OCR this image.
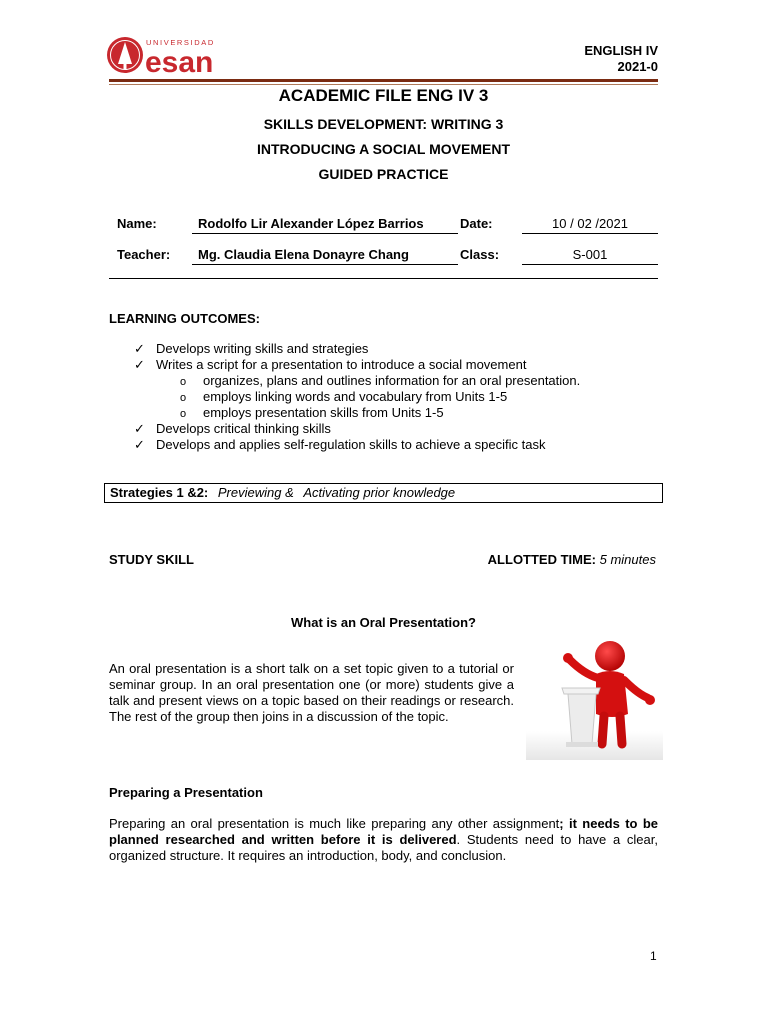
UNIVERSIDAD
esan	ENGLISH IV
2021-0
ACADEMIC FILE ENG IV 3
SKILLS DEVELOPMENT: WRITING 3
INTRODUCING A SOCIAL MOVEMENT
GUIDED PRACTICE
Name:	Rodolfo Lir Alexander López Barrios	Date:	10 / 02 /2021
Teacher:	Mg. Claudia Elena Donayre Chang	Class:	S-001
LEARNING OUTCOMES:
✓ Develops writing skills and strategies
✓ Writes a script for a presentation to introduce a social movement
o organizes, plans and outlines information for an oral presentation.
o employs linking words and vocabulary from Units 1-5
o employs presentation skills from Units 1-5
✓ Develops critical thinking skills
✓ Develops and applies self-regulation skills to achieve a specific task
Strategies 1 &2: Previewing & Activating prior knowledge
STUDY SKILL	ALLOTTED TIME: 5 minutes
What is an Oral Presentation?
An oral presentation is a short talk on a set topic given to a tutorial or seminar group. In an oral presentation one (or more) students give a talk and present views on a topic based on their readings or research. The rest of the group then joins in a discussion of the topic.
Preparing a Presentation
Preparing an oral presentation is much like preparing any other assignment; it needs to be planned researched and written before it is delivered. Students need to have a clear, organized structure. It requires an introduction, body, and conclusion.
1
